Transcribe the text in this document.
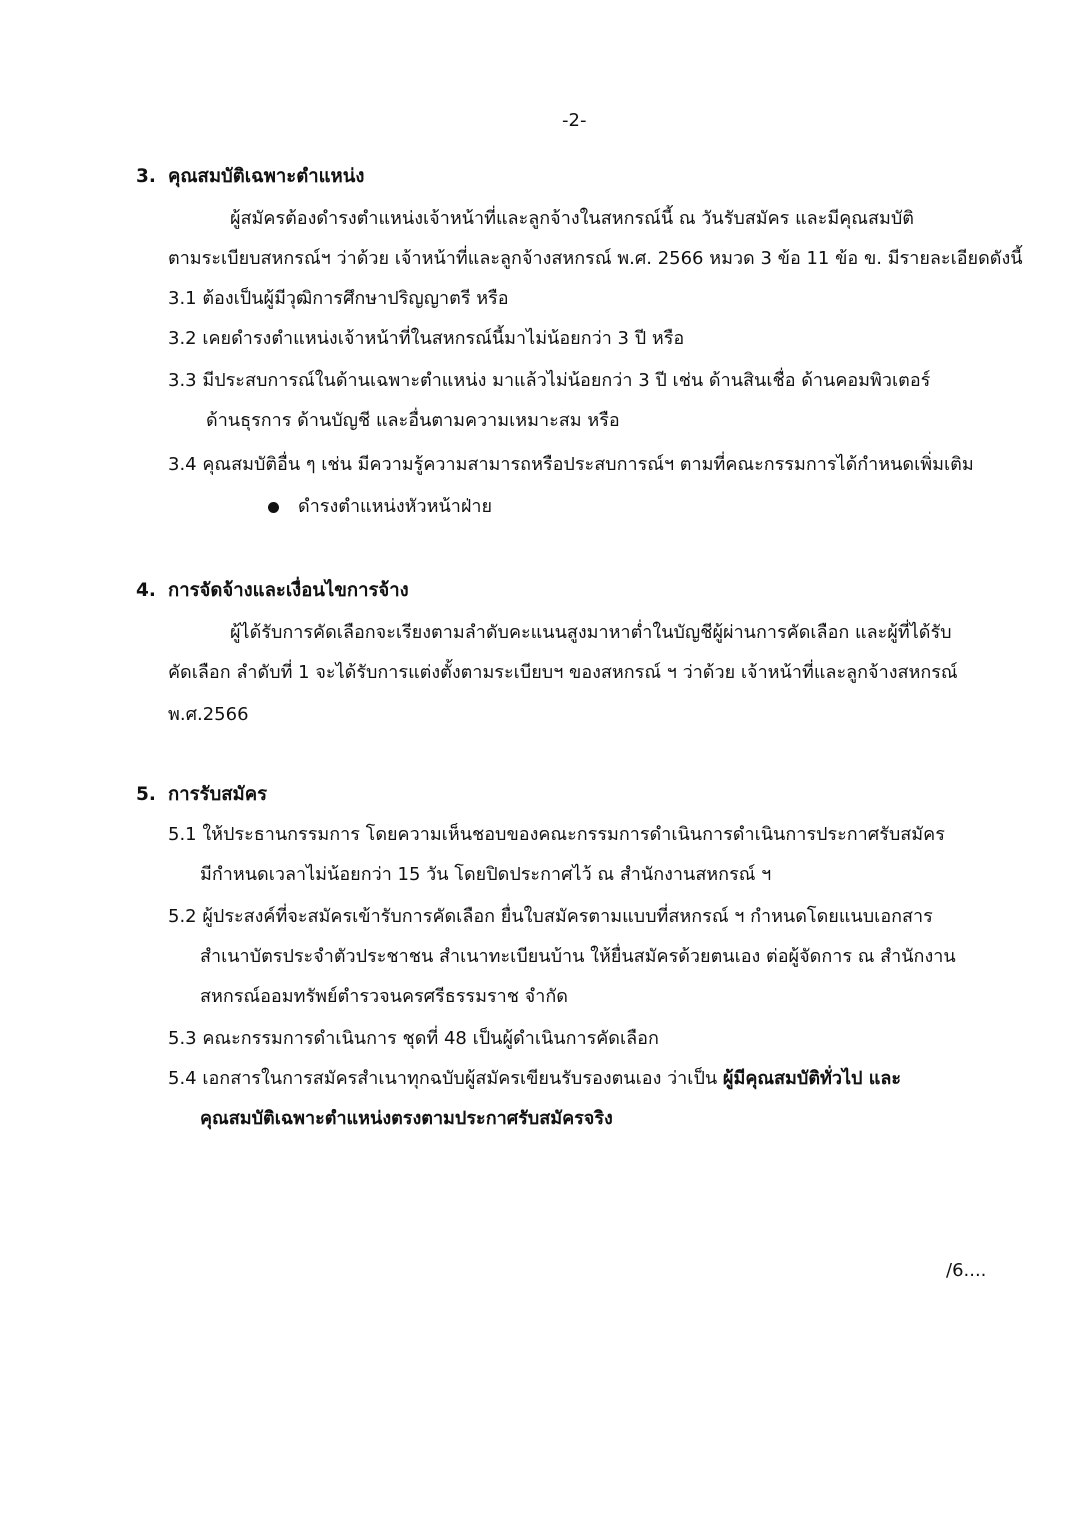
-2-
3. คุณสมบัติเฉพาะตำแหน่ง
ผู้สมัครต้องดำรงตำแหน่งเจ้าหน้าที่และลูกจ้างในสหกรณ์นี้ ณ วันรับสมัคร และมีคุณสมบัติ
ตามระเบียบสหกรณ์ฯ ว่าด้วย เจ้าหน้าที่และลูกจ้างสหกรณ์ พ.ศ. 2566 หมวด 3 ข้อ 11 ข้อ ข. มีรายละเอียดดังนี้
3.1 ต้องเป็นผู้มีวุฒิการศึกษาปริญญาตรี หรือ
3.2 เคยดำรงตำแหน่งเจ้าหน้าที่ในสหกรณ์นี้มาไม่น้อยกว่า 3 ปี หรือ
3.3 มีประสบการณ์ในด้านเฉพาะตำแหน่ง มาแล้วไม่น้อยกว่า 3 ปี เช่น ด้านสินเชื่อ ด้านคอมพิวเตอร์
ด้านธุรการ ด้านบัญชี และอื่นตามความเหมาะสม หรือ
3.4 คุณสมบัติอื่น ๆ เช่น มีความรู้ความสามารถหรือประสบการณ์ฯ ตามที่คณะกรรมการได้กำหนดเพิ่มเติม
ดำรงตำแหน่งหัวหน้าฝ่าย
4. การจัดจ้างและเงื่อนไขการจ้าง
ผู้ได้รับการคัดเลือกจะเรียงตามลำดับคะแนนสูงมาหาต่ำในบัญชีผู้ผ่านการคัดเลือก และผู้ที่ได้รับ
คัดเลือก ลำดับที่ 1 จะได้รับการแต่งตั้งตามระเบียบฯ ของสหกรณ์ ฯ ว่าด้วย เจ้าหน้าที่และลูกจ้างสหกรณ์
พ.ศ.2566
5. การรับสมัคร
5.1 ให้ประธานกรรมการ โดยความเห็นชอบของคณะกรรมการดำเนินการดำเนินการประกาศรับสมัคร
มีกำหนดเวลาไม่น้อยกว่า 15 วัน โดยปิดประกาศไว้ ณ สำนักงานสหกรณ์ ฯ
5.2 ผู้ประสงค์ที่จะสมัครเข้ารับการคัดเลือก ยื่นใบสมัครตามแบบที่สหกรณ์ ฯ กำหนดโดยแนบเอกสาร
สำเนาบัตรประจำตัวประชาชน สำเนาทะเบียนบ้าน ให้ยื่นสมัครด้วยตนเอง ต่อผู้จัดการ ณ สำนักงาน
สหกรณ์ออมทรัพย์ตำรวจนครศรีธรรมราช จำกัด
5.3 คณะกรรมการดำเนินการ ชุดที่ 48 เป็นผู้ดำเนินการคัดเลือก
5.4 เอกสารในการสมัครสำเนาทุกฉบับผู้สมัครเขียนรับรองตนเอง ว่าเป็น ผู้มีคุณสมบัติทั่วไป และ
คุณสมบัติเฉพาะตำแหน่งตรงตามประกาศรับสมัครจริง
/6....
